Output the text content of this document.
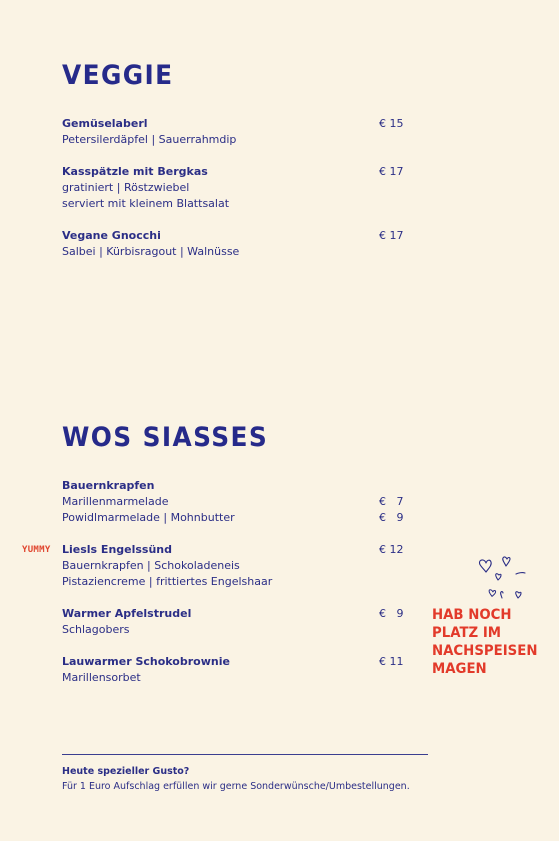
VEGGIE
Gemüselaberl
Petersilerdäpfel | Sauerrahmdip
€ 15
Kasspätzle mit Bergkas
gratiniert | Röstzwiebel
serviert mit kleinem Blattsalat
€ 17
Vegane Gnocchi
Salbei | Kürbisragout | Walnüsse
€ 17
WOS SIASSES
Bauernkrapfen
Marillenmarmelade
Powidlmarmelade | Mohnbutter
€   7
€   9
YUMMY Liesls Engelssünd
Bauernkrapfen | Schokoladeneis
Pistaziencreme | frittiertes Engelshaar
€ 12
Warmer Apfelstrudel
Schlagobers
€   9
Lauwarmer Schokobrownie
Marillensorbet
€ 11
HAB NOCH
PLATZ IM
NACHSPEISEN
MAGEN
Heute spezieller Gusto?
Für 1 Euro Aufschlag erfüllen wir gerne Sonderwünsche/Umbestellungen.
